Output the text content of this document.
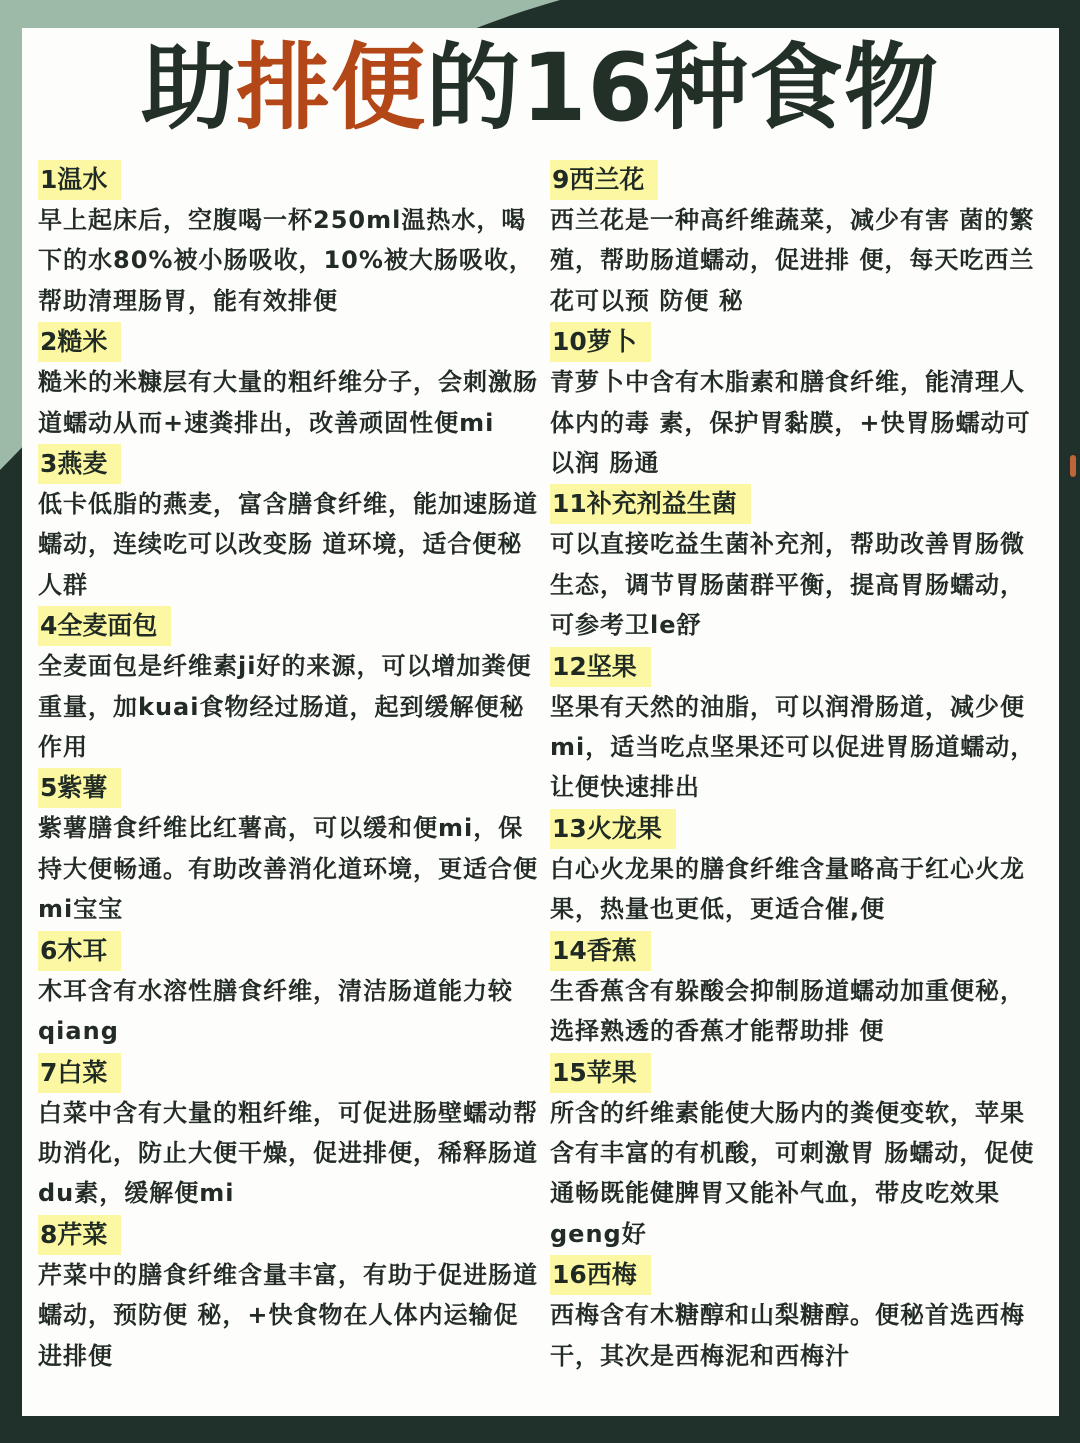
助排便的16种食物
1温水

早上起床后，空腹喝一杯250ml温热水，喝下的水80%被小肠吸收，10%被大肠吸收，帮助清理肠胃，能有效排便

2糙米

糙米的米糠层有大量的粗纤维分子，会刺激肠道蠕动从而+速粪排出，改善顽固性便mi

3燕麦

低卡低脂的燕麦，富含膳食纤维，能加速肠道蠕动，连续吃可以改变肠 道环境，适合便秘人群

4全麦面包

全麦面包是纤维素ji好的来源，可以增加粪便重量，加kuai食物经过肠道，起到缓解便秘作用

5紫薯

紫薯膳食纤维比红薯高，可以缓和便mi，保持大便畅通。有助改善消化道环境，更适合便mi宝宝

6木耳

木耳含有水溶性膳食纤维，清洁肠道能力较qiang

7白菜

白菜中含有大量的粗纤维，可促进肠壁蠕动帮助消化，防止大便干燥，促进排便，稀释肠道du素，缓解便mi

8芹菜

芹菜中的膳食纤维含量丰富，有助于促进肠道蠕动，预防便 秘，+快食物在人体内运输促进排便

9西兰花

西兰花是一种高纤维蔬菜，减少有害 菌的繁殖，帮助肠道蠕动，促进排 便，每天吃西兰花可以预 防便 秘

10萝卜

青萝卜中含有木脂素和膳食纤维，能清理人体内的毒 素，保护胃黏膜，+快胃肠蠕动可以润 肠通

11补充剂益生菌

可以直接吃益生菌补充剂，帮助改善胃肠微生态，调节胃肠菌群平衡，提高胃肠蠕动，可参考卫le舒

12坚果

坚果有天然的油脂，可以润滑肠道，减少便mi，适当吃点坚果还可以促进胃肠道蠕动，让便快速排出

13火龙果

白心火龙果的膳食纤维含量略高于红心火龙果，热量也更低，更适合催,便

14香蕉

生香蕉含有躲酸会抑制肠道蠕动加重便秘，选择熟透的香蕉才能帮助排 便

15苹果

所含的纤维素能使大肠内的粪便变软，苹果含有丰富的有机酸，可刺激胃 肠蠕动，促使通畅既能健脾胃又能补气血，带皮吃效果geng好

16西梅

西梅含有木糖醇和山梨糖醇。便秘首选西梅干，其次是西梅泥和西梅汁
